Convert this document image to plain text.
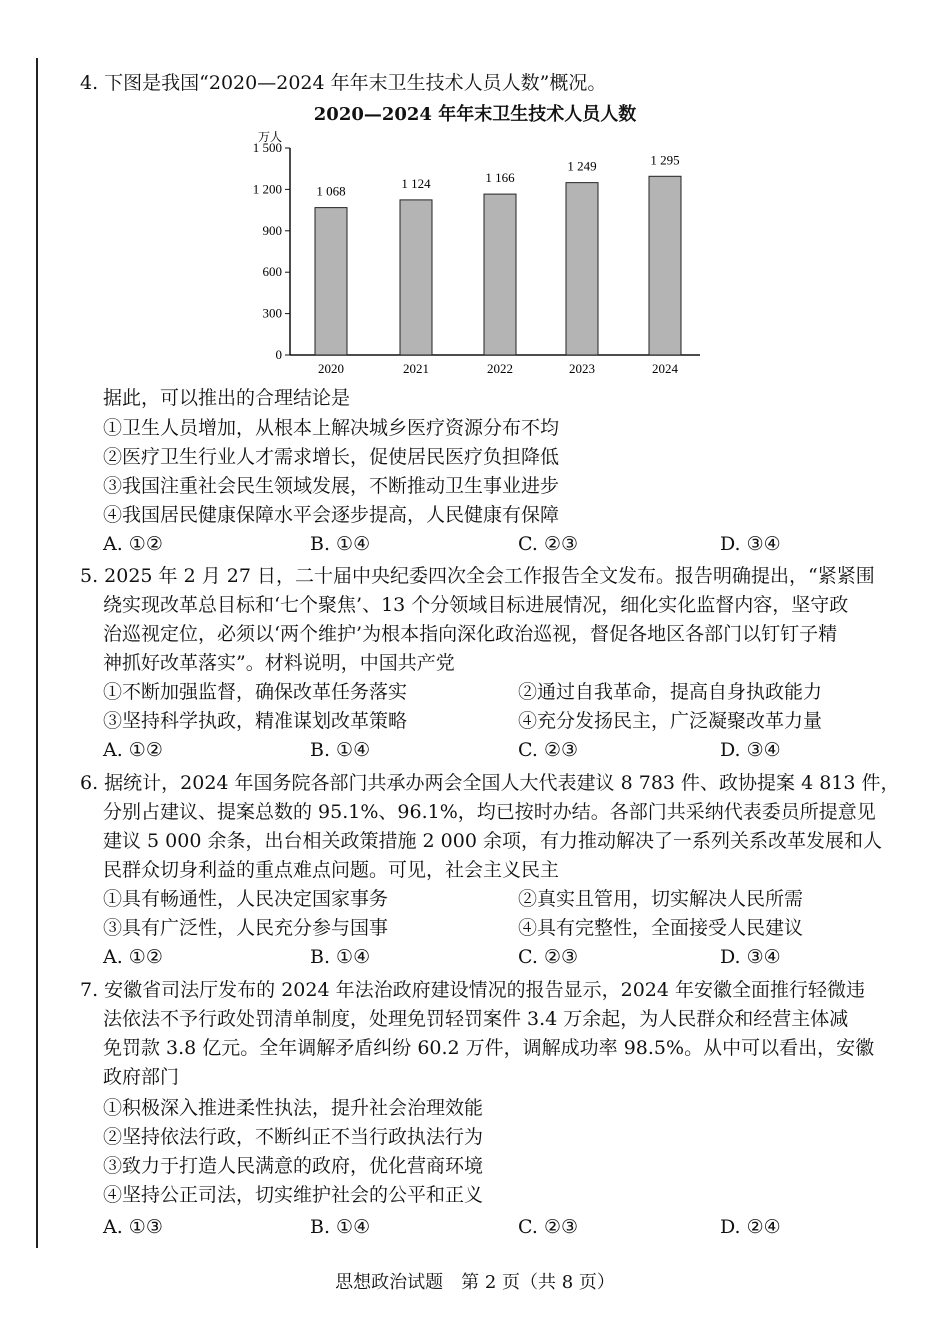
4. 下图是我国“2020—2024 年年末卫生技术人员人数”概况。
2020—2024 年年末卫生技术人员人数
万人
0
300
600
900
1 200
1 500
1 068
2020
1 124
2021
1 166
2022
1 249
2023
1 295
2024
据此，可以推出的合理结论是
①卫生人员增加，从根本上解决城乡医疗资源分布不均
②医疗卫生行业人才需求增长，促使居民医疗负担降低
③我国注重社会民生领域发展，不断推动卫生事业进步
④我国居民健康保障水平会逐步提高，人民健康有保障
A. ①②	B. ①④	C. ②③	D. ③④
5. 2025 年 2 月 27 日，二十届中央纪委四次全会工作报告全文发布。报告明确提出，“紧紧围
绕实现改革总目标和‘七个聚焦’、13 个分领域目标进展情况，细化实化监督内容，坚守政
治巡视定位，必须以‘两个维护’为根本指向深化政治巡视，督促各地区各部门以钉钉子精
神抓好改革落实”。材料说明，中国共产党
①不断加强监督，确保改革任务落实	②通过自我革命，提高自身执政能力
③坚持科学执政，精准谋划改革策略	④充分发扬民主，广泛凝聚改革力量
A. ①②	B. ①④	C. ②③	D. ③④
6. 据统计，2024 年国务院各部门共承办两会全国人大代表建议 8 783 件、政协提案 4 813 件，
分别占建议、提案总数的 95.1%、96.1%，均已按时办结。各部门共采纳代表委员所提意见
建议 5 000 余条，出台相关政策措施 2 000 余项，有力推动解决了一系列关系改革发展和人
民群众切身利益的重点难点问题。可见，社会主义民主
①具有畅通性，人民决定国家事务	②真实且管用，切实解决人民所需
③具有广泛性，人民充分参与国事	④具有完整性，全面接受人民建议
A. ①②	B. ①④	C. ②③	D. ③④
7. 安徽省司法厅发布的 2024 年法治政府建设情况的报告显示，2024 年安徽全面推行轻微违
法依法不予行政处罚清单制度，处理免罚轻罚案件 3.4 万余起，为人民群众和经营主体减
免罚款 3.8 亿元。全年调解矛盾纠纷 60.2 万件，调解成功率 98.5%。从中可以看出，安徽
政府部门
①积极深入推进柔性执法，提升社会治理效能
②坚持依法行政，不断纠正不当行政执法行为
③致力于打造人民满意的政府，优化营商环境
④坚持公正司法，切实维护社会的公平和正义
A. ①③	B. ①④	C. ②③	D. ②④
思想政治试题　第 2 页（共 8 页）
